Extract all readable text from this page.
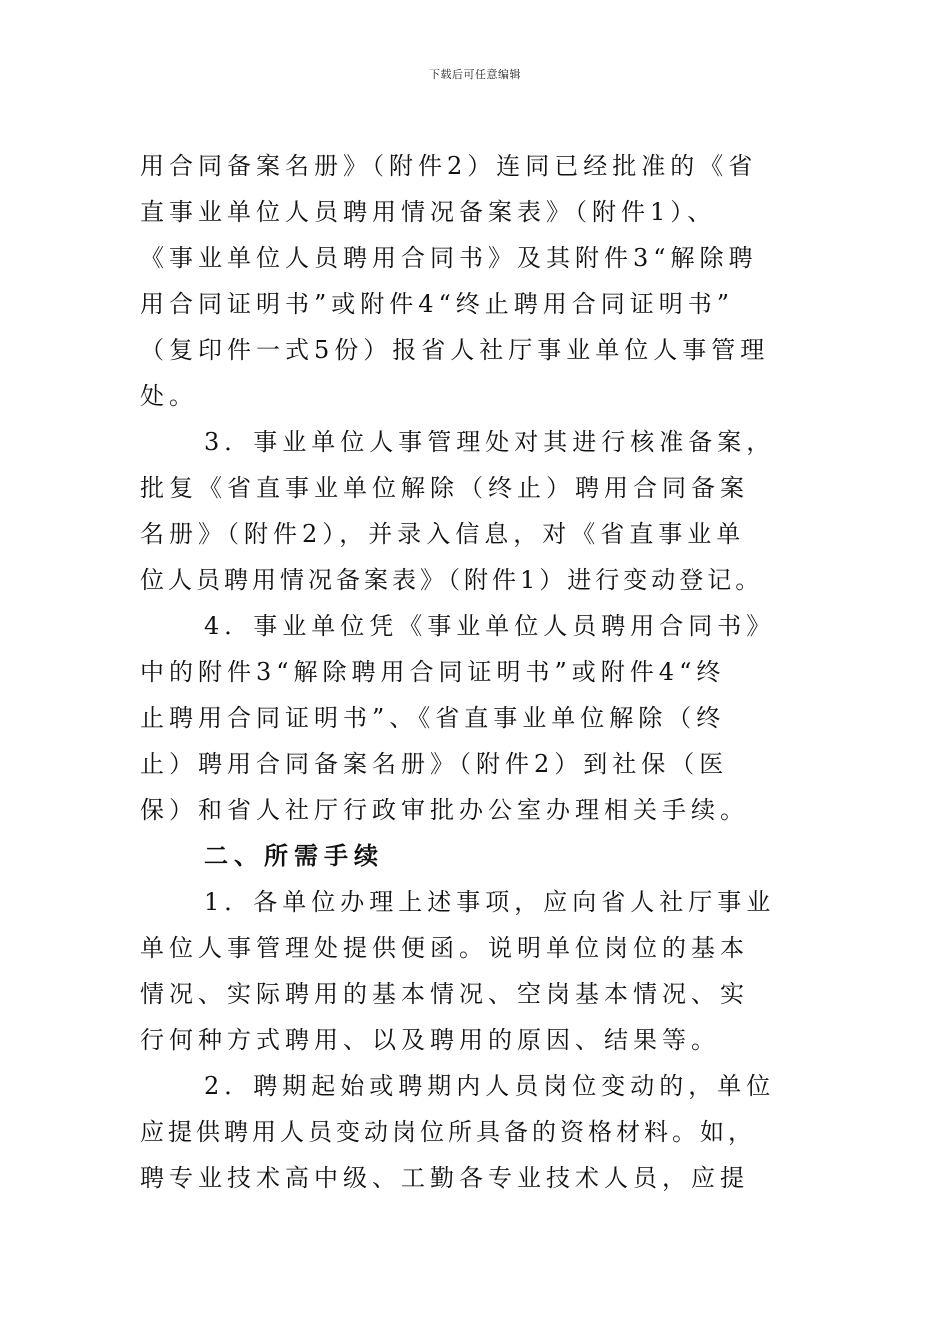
下载后可任意编辑
用合同备案名册》（附件2）连同已经批准的《省
直事业单位人员聘用情况备案表》（附件1）、
《事业单位人员聘用合同书》及其附件3“解除聘
用合同证明书”或附件4“终止聘用合同证明书”
（复印件一式5份）报省人社厅事业单位人事管理
处。
3．事业单位人事管理处对其进行核准备案，
批复《省直事业单位解除（终止）聘用合同备案
名册》（附件2），并录入信息，对《省直事业单
位人员聘用情况备案表》（附件1）进行变动登记。
4．事业单位凭《事业单位人员聘用合同书》
中的附件3“解除聘用合同证明书”或附件4“终
止聘用合同证明书”、《省直事业单位解除（终
止）聘用合同备案名册》（附件2）到社保（医
保）和省人社厅行政审批办公室办理相关手续。
二、所需手续
1．各单位办理上述事项，应向省人社厅事业
单位人事管理处提供便函。说明单位岗位的基本
情况、实际聘用的基本情况、空岗基本情况、实
行何种方式聘用、以及聘用的原因、结果等。
2．聘期起始或聘期内人员岗位变动的，单位
应提供聘用人员变动岗位所具备的资格材料。如，
聘专业技术高中级、工勤各专业技术人员，应提
